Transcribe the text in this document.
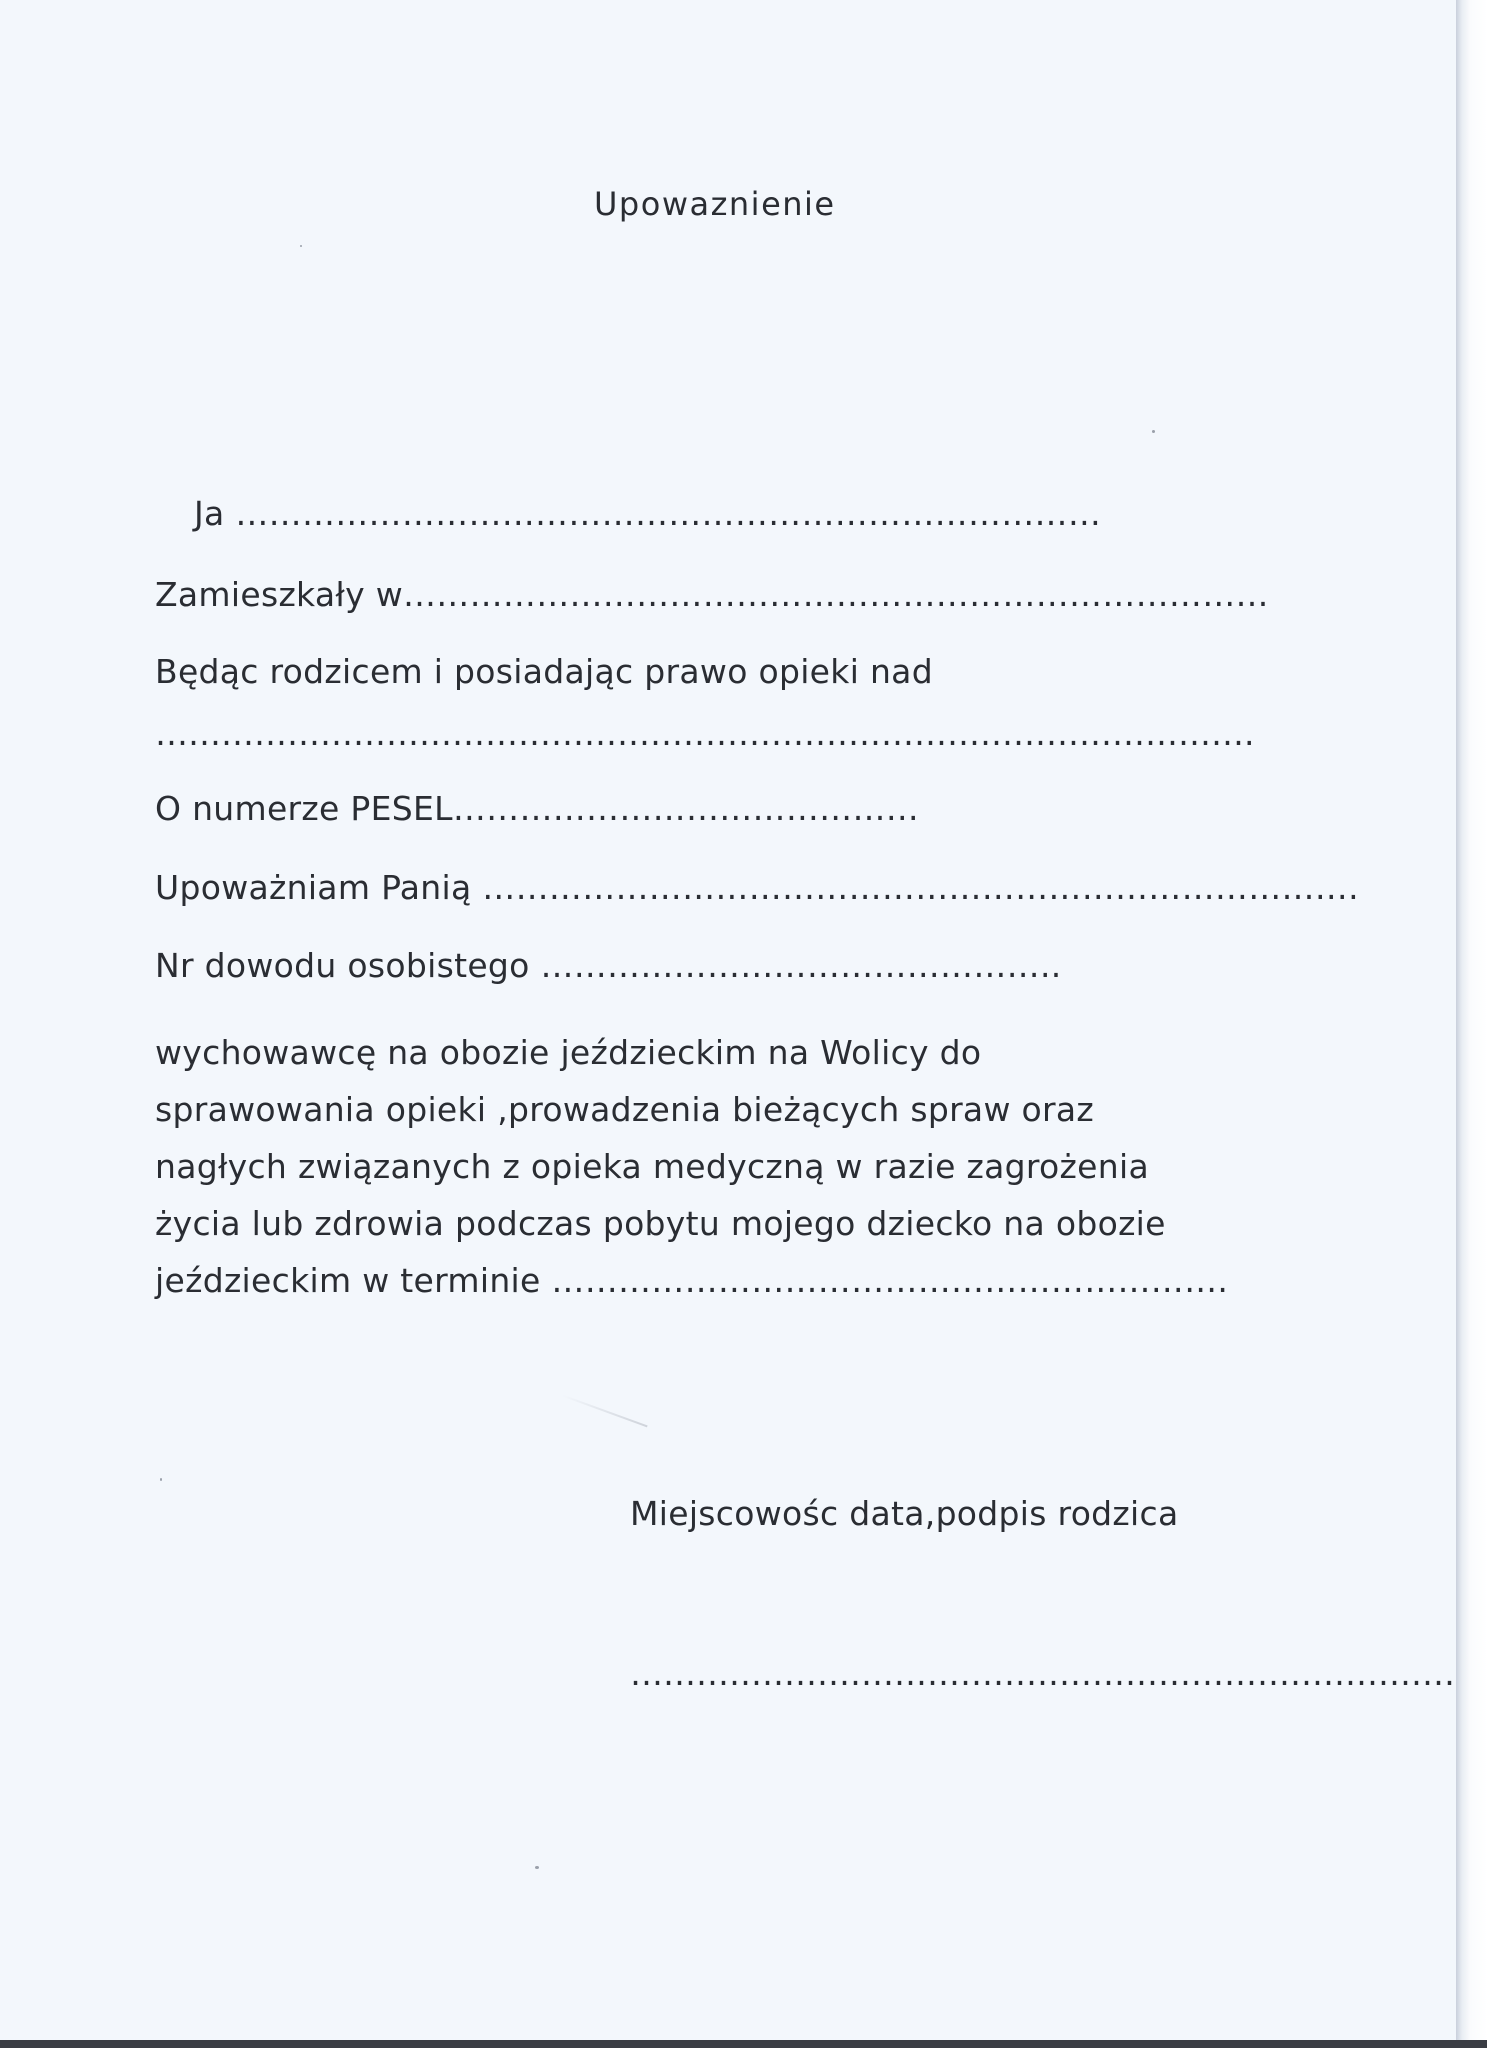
Upowaznienie
Ja ……………………………………………………………………
Zamieszkały w……………………………………………………………………
Będąc rodzicem i posiadając prawo opieki nad
……………………………………………………………………………………….
O numerze PESEL……………………………………
Upoważniam Panią …………………………………………………………………….
Nr dowodu osobistego ………………………………………..
wychowawcę na obozie jeździeckim na Wolicy do
sprawowania opieki ,prowadzenia bieżących spraw oraz
nagłych związanych z opieka medyczną w razie zagrożenia
życia lub zdrowia podczas pobytu mojego dziecko na obozie
jeździeckim w terminie …………………………………………………….
Miejscowośc data,podpis rodzica
…………………………………………………………………
